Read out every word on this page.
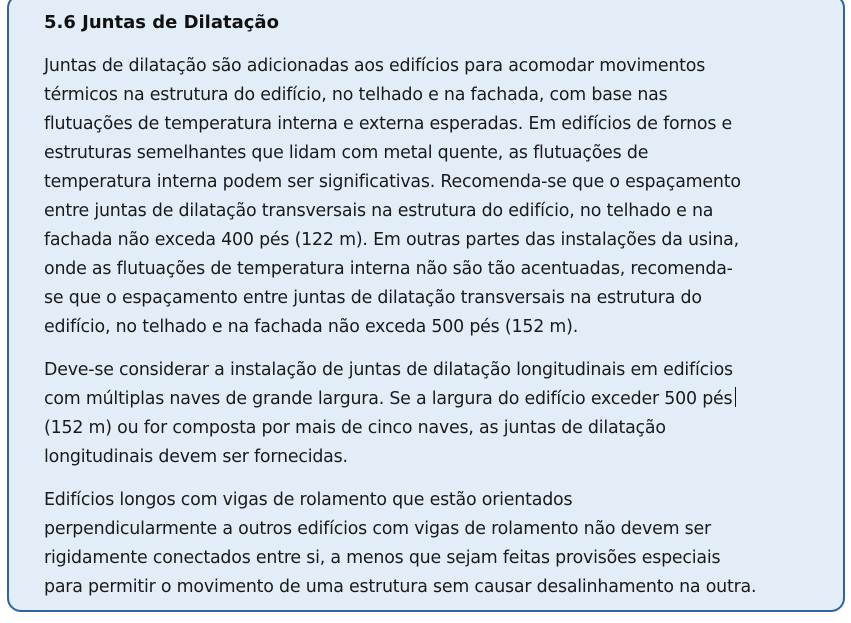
5.6 Juntas de Dilatação
Juntas de dilatação são adicionadas aos edifícios para acomodar movimentos
térmicos na estrutura do edifício, no telhado e na fachada, com base nas
flutuações de temperatura interna e externa esperadas. Em edifícios de fornos e
estruturas semelhantes que lidam com metal quente, as flutuações de
temperatura interna podem ser significativas. Recomenda-se que o espaçamento
entre juntas de dilatação transversais na estrutura do edifício, no telhado e na
fachada não exceda 400 pés (122 m). Em outras partes das instalações da usina,
onde as flutuações de temperatura interna não são tão acentuadas, recomenda-
se que o espaçamento entre juntas de dilatação transversais na estrutura do
edifício, no telhado e na fachada não exceda 500 pés (152 m).
Deve-se considerar a instalação de juntas de dilatação longitudinais em edifícios
com múltiplas naves de grande largura. Se a largura do edifício exceder 500 pés
(152 m) ou for composta por mais de cinco naves, as juntas de dilatação
longitudinais devem ser fornecidas.
Edifícios longos com vigas de rolamento que estão orientados
perpendicularmente a outros edifícios com vigas de rolamento não devem ser
rigidamente conectados entre si, a menos que sejam feitas provisões especiais
para permitir o movimento de uma estrutura sem causar desalinhamento na outra.
